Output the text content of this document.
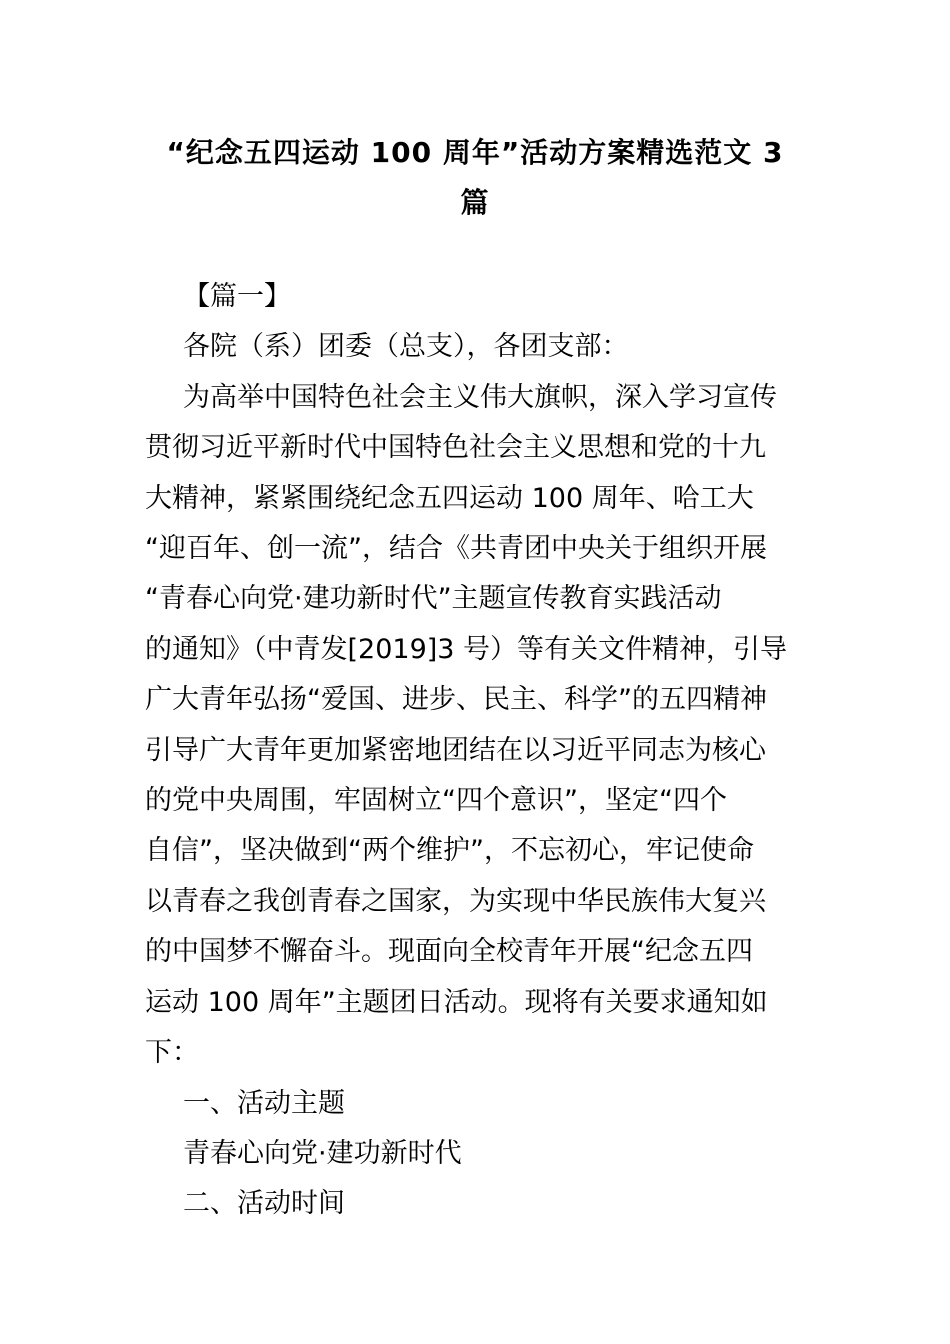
“纪念五四运动 100 周年”活动方案精选范文 3
篇
【篇一】
各院（系）团委（总支），各团支部：
为高举中国特色社会主义伟大旗帜，深入学习宣传
贯彻习近平新时代中国特色社会主义思想和党的十九
大精神，紧紧围绕纪念五四运动 100 周年、哈工大
“迎百年、创一流”，结合《共青团中央关于组织开展
“青春心向党·建功新时代”主题宣传教育实践活动
的通知》（中青发[2019]3 号）等有关文件精神，引导
广大青年弘扬“爱国、进步、民主、科学”的五四精神
引导广大青年更加紧密地团结在以习近平同志为核心
的党中央周围，牢固树立“四个意识”，坚定“四个
自信”，坚决做到“两个维护”，不忘初心，牢记使命
以青春之我创青春之国家，为实现中华民族伟大复兴
的中国梦不懈奋斗。现面向全校青年开展“纪念五四
运动 100 周年”主题团日活动。现将有关要求通知如
下：
一、活动主题
青春心向党·建功新时代
二、活动时间
